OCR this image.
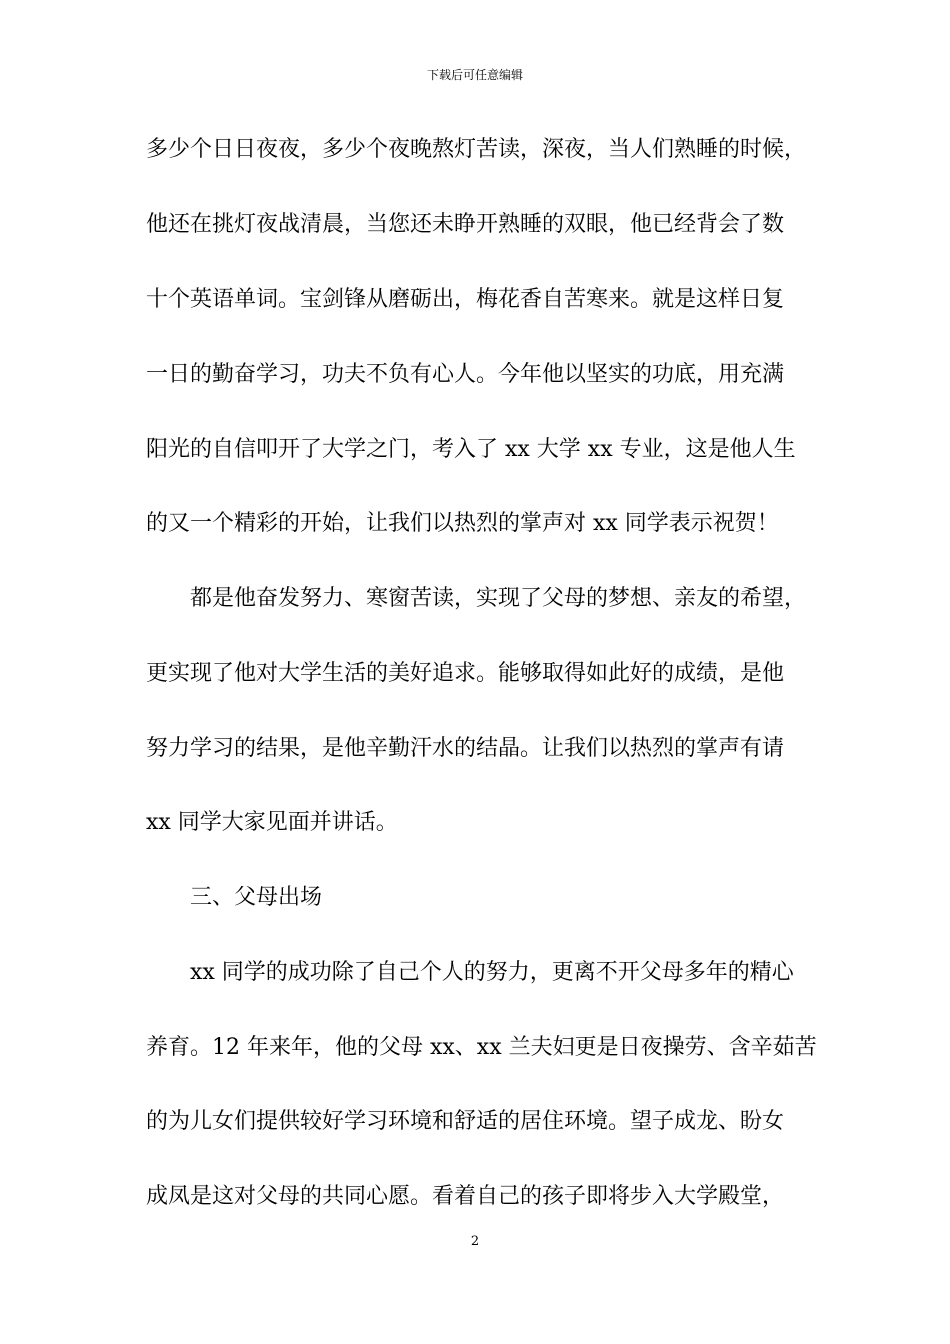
下载后可任意编辑
多少个日日夜夜，多少个夜晚熬灯苦读，深夜，当人们熟睡的时候，
他还在挑灯夜战清晨，当您还未睁开熟睡的双眼，他已经背会了数
十个英语单词。宝剑锋从磨砺出，梅花香自苦寒来。就是这样日复
一日的勤奋学习，功夫不负有心人。今年他以坚实的功底，用充满
阳光的自信叩开了大学之门，考入了 xx 大学 xx 专业，这是他人生
的又一个精彩的开始，让我们以热烈的掌声对 xx 同学表示祝贺！
都是他奋发努力、寒窗苦读，实现了父母的梦想、亲友的希望，
更实现了他对大学生活的美好追求。能够取得如此好的成绩，是他
努力学习的结果，是他辛勤汗水的结晶。让我们以热烈的掌声有请
xx 同学大家见面并讲话。
三、父母出场
xx 同学的成功除了自己个人的努力，更离不开父母多年的精心
养育。12 年来年，他的父母 xx、xx 兰夫妇更是日夜操劳、含辛茹苦
的为儿女们提供较好学习环境和舒适的居住环境。望子成龙、盼女
成凤是这对父母的共同心愿。看着自己的孩子即将步入大学殿堂，
2
